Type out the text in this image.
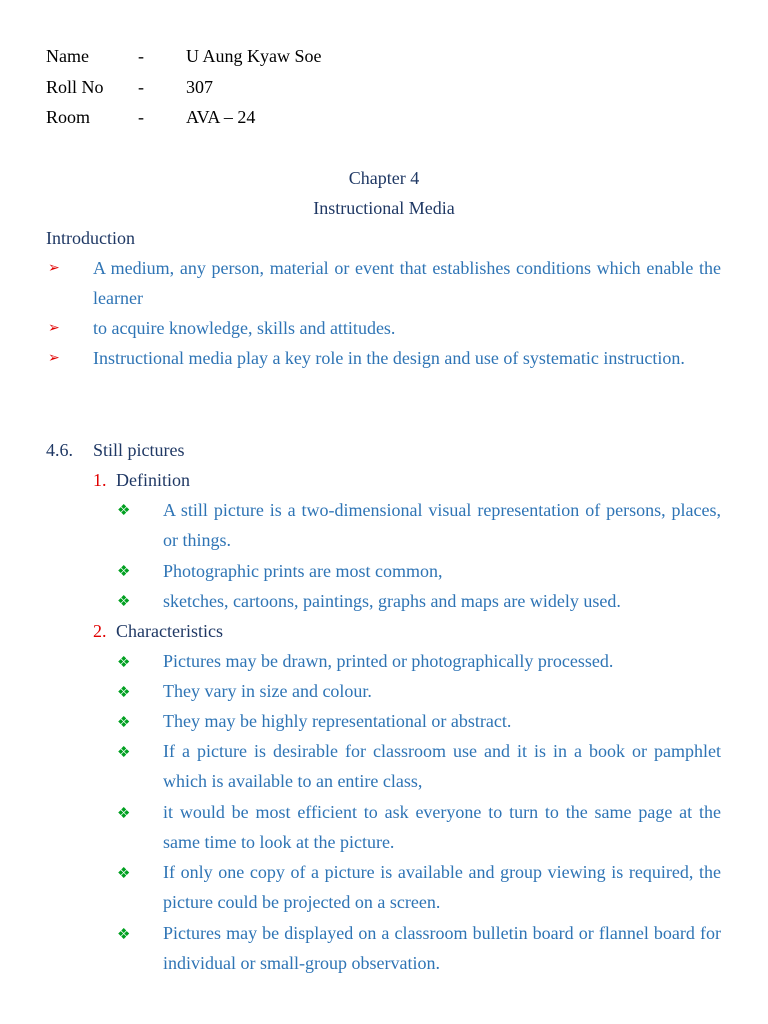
Name	- U Aung Kyaw Soe
Roll No - 307
Room	- AVA – 24
Chapter 4
Instructional Media
Introduction
➢ A medium, any person, material or event that establishes conditions which enable the learner
➢ to acquire knowledge, skills and attitudes.
➢ Instructional media play a key role in the design and use of systematic instruction.
4.6. Still pictures
1. Definition
❖ A still picture is a two-dimensional visual representation of persons, places, or things.
❖ Photographic prints are most common,
❖ sketches, cartoons, paintings, graphs and maps are widely used.
2. Characteristics
❖ Pictures may be drawn, printed or photographically processed.
❖ They vary in size and colour.
❖ They may be highly representational or abstract.
❖ If a picture is desirable for classroom use and it is in a book or pamphlet which is available to an entire class,
❖ it would be most efficient to ask everyone to turn to the same page at the same time to look at the picture.
❖ If only one copy of a picture is available and group viewing is required, the picture could be projected on a screen.
❖ Pictures may be displayed on a classroom bulletin board or flannel board for individual or small-group observation.
